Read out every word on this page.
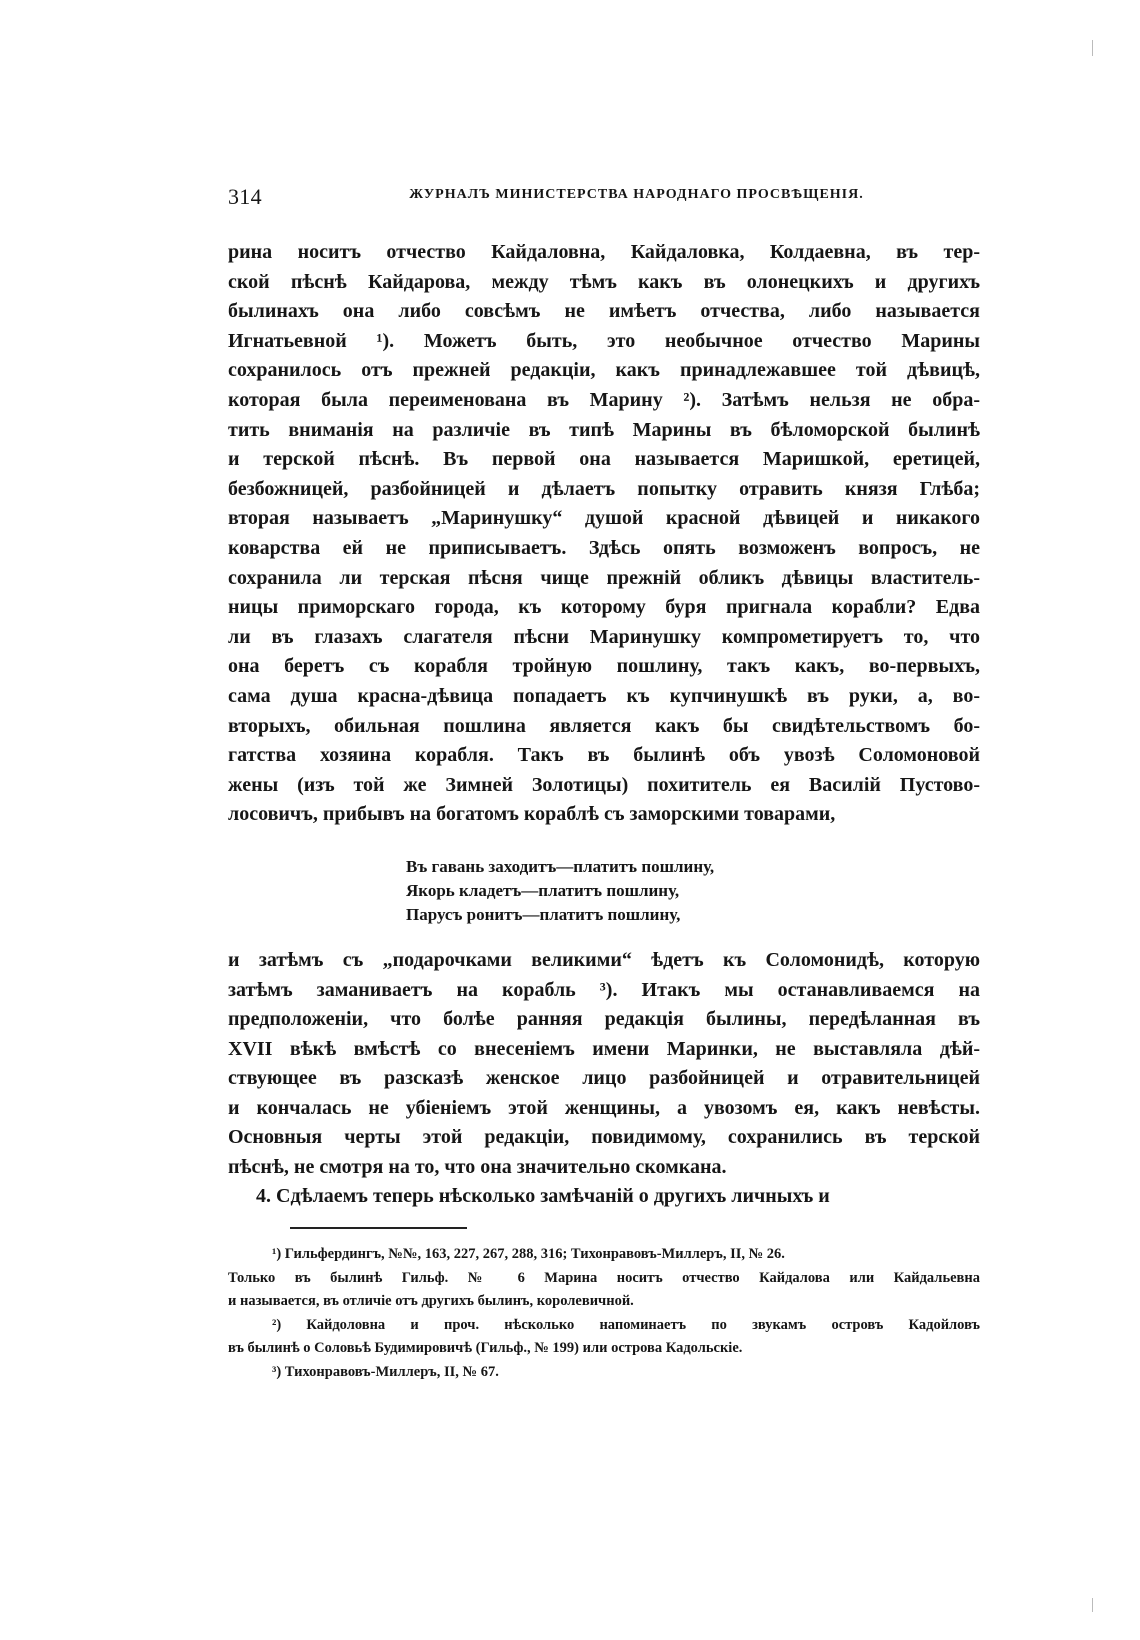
314	ЖУРНАЛЪ МИНИСТЕРСТВА НАРОДНАГО ПРОСВѢЩЕНІЯ.
рина носитъ отчество Кайдаловна, Кайдаловка, Колдаевна, въ тер-
ской пѣснѣ Кайдарова, между тѣмъ какъ въ олонецкихъ и другихъ
былинахъ она либо совсѣмъ не имѣетъ отчества, либо называется
Игнатьевной ¹). Можетъ быть, это необычное отчество Марины
сохранилось отъ прежней редакціи, какъ принадлежавшее той дѣвицѣ,
которая была переименована въ Марину ²). Затѣмъ нельзя не обра-
тить вниманія на различіе въ типѣ Марины въ бѣломорской былинѣ
и терской пѣснѣ. Въ первой она называется Маришкой, еретицей,
безбожницей, разбойницей и дѣлаетъ попытку отравить князя Глѣба;
вторая называетъ „Маринушку“ душой красной дѣвицей и никакого
коварства ей не приписываетъ. Здѣсь опять возможенъ вопросъ, не
сохранила ли терская пѣсня чище прежній обликъ дѣвицы властитель-
ницы приморскаго города, къ которому буря пригнала корабли? Едва
ли въ глазахъ слагателя пѣсни Маринушку компрометируетъ то, что
она беретъ съ корабля тройную пошлину, такъ какъ, во-первыхъ,
сама душа красна-дѣвица попадаетъ къ купчинушкѣ въ руки, а, во-
вторыхъ, обильная пошлина является какъ бы свидѣтельствомъ бо-
гатства хозяина корабля. Такъ въ былинѣ объ увозѣ Соломоновой
жены (изъ той же Зимней Золотицы) похититель ея Василій Пустово-
лосовичъ, прибывъ на богатомъ кораблѣ съ заморскими товарами,
Въ гавань заходитъ—платитъ пошлину,
Якорь кладетъ—платитъ пошлину,
Парусъ ронитъ—платитъ пошлину,
и затѣмъ съ „подарочками великими“ ѣдетъ къ Соломонидѣ, которую
затѣмъ заманиваетъ на корабль ³). Итакъ мы останавливаемся на
предположеніи, что болѣе ранняя редакція былины, передѣланная въ
XVII вѣкѣ вмѣстѣ со внесеніемъ имени Маринки, не выставляла дѣй-
ствующее въ разсказѣ женское лицо разбойницей и отравительницей
и кончалась не убіеніемъ этой женщины, а увозомъ ея, какъ невѣсты.
Основныя черты этой редакціи, повидимому, сохранились въ терской
пѣснѣ, не смотря на то, что она значительно скомкана.
4. Сдѣлаемъ теперь нѣсколько замѣчаній о другихъ личныхъ и
¹) Гильфердингъ, №№, 163, 227, 267, 288, 316; Тихонравовъ-Миллеръ, II, № 26.
Только въ былинѣ Гильф. № 6 Марина носитъ отчество Кайдалова или Кайдальевна
и называется, въ отличіе отъ другихъ былинъ, королевичной.
²) Кайдоловна и проч. нѣсколько напоминаетъ по звукамъ островъ Кадойловъ
въ былинѣ о Соловьѣ Будимировичѣ (Гильф., № 199) или острова Кадольскіе.
³) Тихонравовъ-Миллеръ, II, № 67.
